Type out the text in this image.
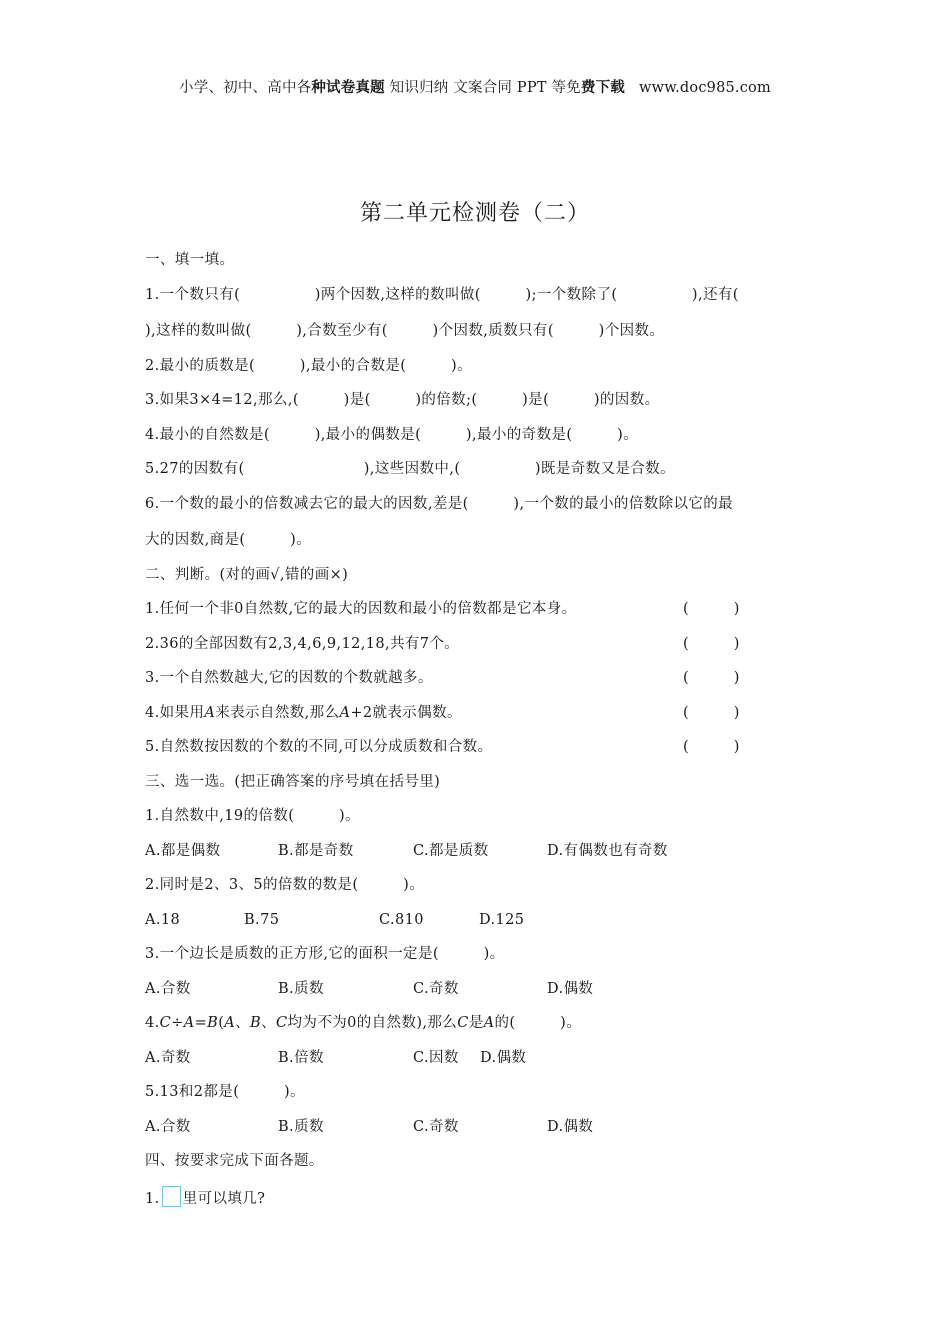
小学、初中、高中各种试卷真题 知识归纳 文案合同 PPT 等免费下载 www.doc985.com
第二单元检测卷（二）
一、填一填。
1.一个数只有(　　　　　)两个因数,这样的数叫做(　　　);一个数除了(　　　　　),还有(
),这样的数叫做(　　　),合数至少有(　　　)个因数,质数只有(　　　)个因数。
2.最小的质数是(　　　),最小的合数是(　　　)。
3.如果3×4=12,那么,(　　　)是(　　　)的倍数;(　　　)是(　　　)的因数。
4.最小的自然数是(　　　),最小的偶数是(　　　),最小的奇数是(　　　)。
5.27的因数有(　　　　　　　　),这些因数中,(　　　　　)既是奇数又是合数。
6.一个数的最小的倍数减去它的最大的因数,差是(　　　),一个数的最小的倍数除以它的最
大的因数,商是(　　　)。
二、判断。(对的画√,错的画×)
1.任何一个非0自然数,它的最大的因数和最小的倍数都是它本身。	(　　　)
2.36的全部因数有2,3,4,6,9,12,18,共有7个。	(　　　)
3.一个自然数越大,它的因数的个数就越多。	(　　　)
4.如果用A来表示自然数,那么A+2就表示偶数。	(　　　)
5.自然数按因数的个数的不同,可以分成质数和合数。	(　　　)
三、选一选。(把正确答案的序号填在括号里)
1.自然数中,19的倍数(　　　)。
A.都是偶数	B.都是奇数	C.都是质数	D.有偶数也有奇数
2.同时是2、3、5的倍数的数是(　　　)。
A.18	B.75	C.810	D.125
3.一个边长是质数的正方形,它的面积一定是(　　　)。
A.合数	B.质数	C.奇数	D.偶数
4.C÷A=B(A、B、C均为不为0的自然数),那么C是A的(　　　)。
A.奇数	B.倍数	C.因数	D.偶数
5.13和2都是(　　　)。
A.合数	B.质数	C.奇数	D.偶数
四、按要求完成下面各题。
1. 里可以填几?
